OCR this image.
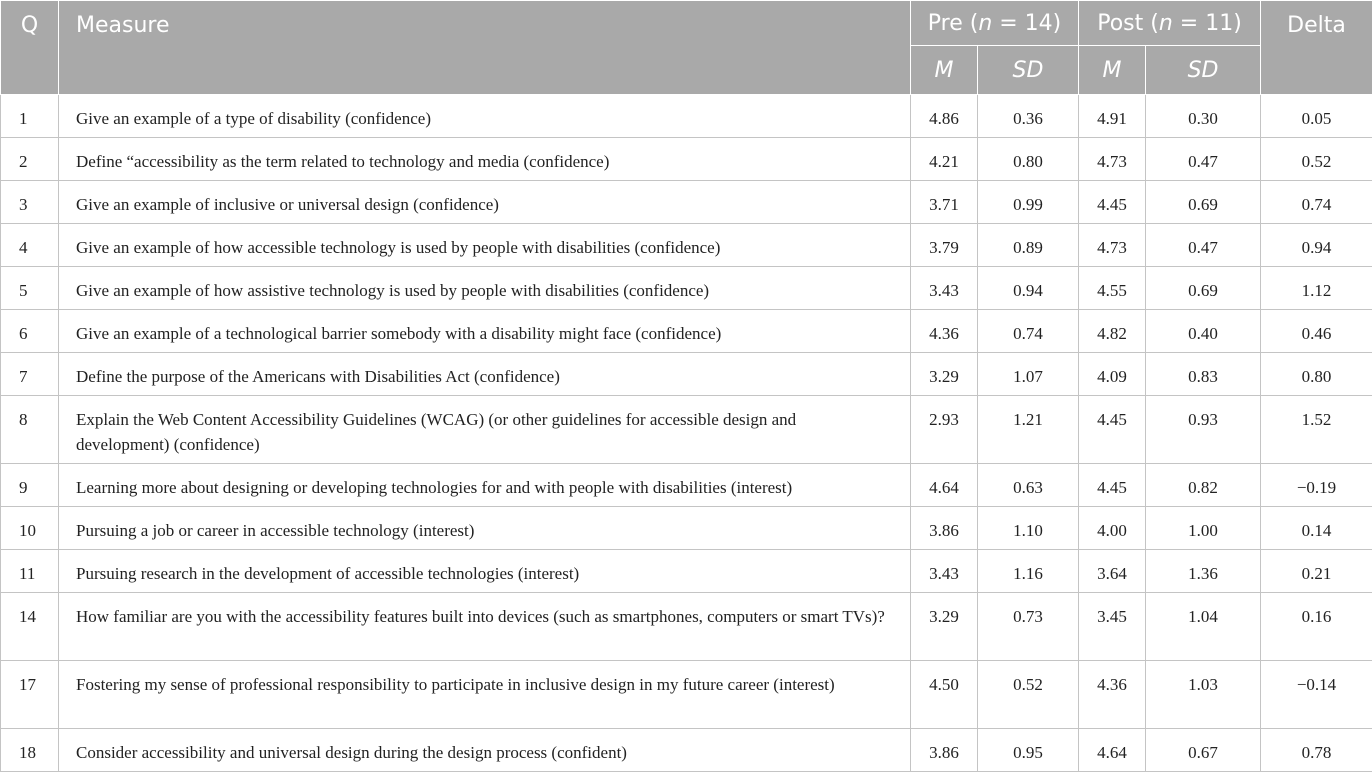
Q	Measure	Pre (n = 14)		Post (n = 11)		Delta
		M	SD	M	SD	
1	Give an example of a type of disability (confidence)	4.86	0.36	4.91	0.30	0.05
2	Define “accessibility as the term related to technology and media (confidence)	4.21	0.80	4.73	0.47	0.52
3	Give an example of inclusive or universal design (confidence)	3.71	0.99	4.45	0.69	0.74
4	Give an example of how accessible technology is used by people with disabilities (confidence)	3.79	0.89	4.73	0.47	0.94
5	Give an example of how assistive technology is used by people with disabilities (confidence)	3.43	0.94	4.55	0.69	1.12
6	Give an example of a technological barrier somebody with a disability might face (confidence)	4.36	0.74	4.82	0.40	0.46
7	Define the purpose of the Americans with Disabilities Act (confidence)	3.29	1.07	4.09	0.83	0.80
8	Explain the Web Content Accessibility Guidelines (WCAG) (or other guidelines for accessible design and development) (confidence)	2.93	1.21	4.45	0.93	1.52
9	Learning more about designing or developing technologies for and with people with disabilities (interest)	4.64	0.63	4.45	0.82	−0.19
10	Pursuing a job or career in accessible technology (interest)	3.86	1.10	4.00	1.00	0.14
11	Pursuing research in the development of accessible technologies (interest)	3.43	1.16	3.64	1.36	0.21
14	How familiar are you with the accessibility features built into devices (such as smartphones, computers or smart TVs)?	3.29	0.73	3.45	1.04	0.16
17	Fostering my sense of professional responsibility to participate in inclusive design in my future career (interest)	4.50	0.52	4.36	1.03	−0.14
18	Consider accessibility and universal design during the design process (confident)	3.86	0.95	4.64	0.67	0.78
